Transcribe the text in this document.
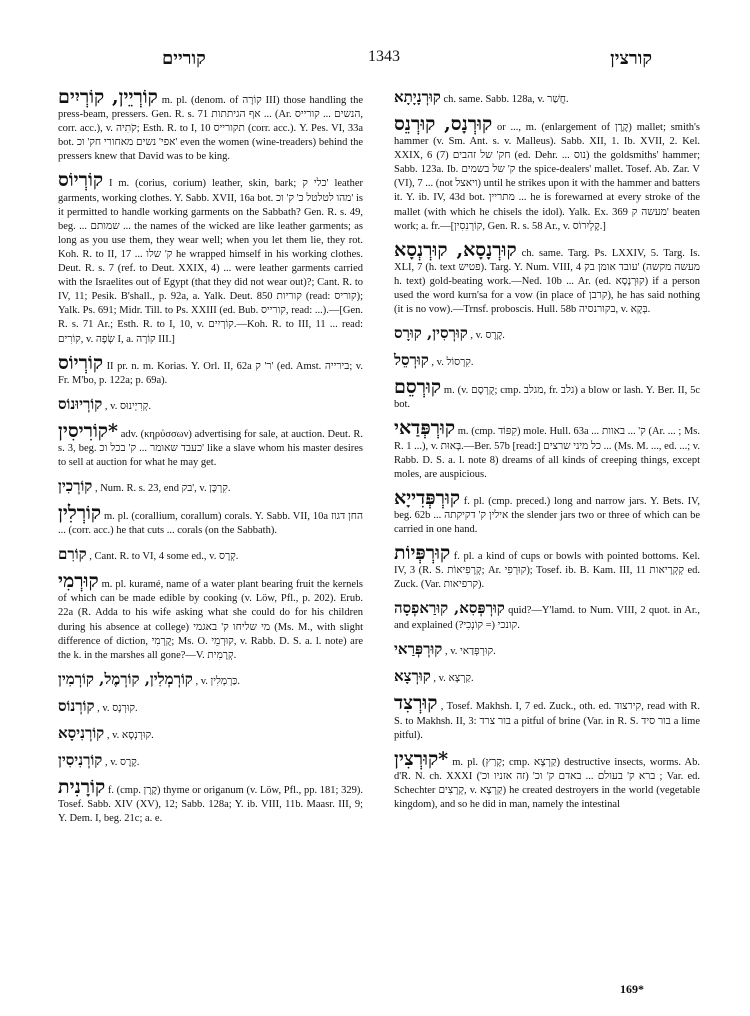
קוריים	1343	קורצין

קוֹרְיֵין, קוֹרְיִים m. pl. (denom. of קוֹרָה III) those handling the press-beam, pressers. Gen. R. s. 71 אף הגיתתות ... (Ar. הנשים ... קורייס, corr. acc.), v. קֹתִיה; Esth. R. to I, 10 תקורייס (corr. acc.). Y. Pes. VI, 33a bot. אפי' נשים מאחורי חק' וכ' even the women (wine-treaders) behind the pressers knew that David was to be king.

קוֹרְיוֹס I m. (corius, corium) leather, skin, bark; כלי ק' leather garments, working clothes. Y. Sabb. XVII, 16a bot. מהו לטלטל כ' ק' וכ' is it permitted to handle working garments on the Sabbath? Gen. R. s. 49, beg. ... שמותם ... the names of the wicked are like leather garments; as long as you use them, they wear well; when you let them lie, they rot. Koh. R. to II, 17 ... ק' שלו he wrapped himself in his working clothes. Deut. R. s. 7 (ref. to Deut. XXIX, 4) ... were leather garments carried with the Israelites out of Egypt (that they did not wear out)?; Cant. R. to IV, 11; Pesik. B'shall., p. 92a, a. Yalk. Deut. 850 קוריות (read: קוריס); Yalk. Ps. 691; Midr. Till. to Ps. XXIII (ed. Bub. קורייס, read: ...).—[Gen. R. s. 71 Ar.; Esth. R. to I, 10, v. קוֹרְיִים.—Koh. R. to III, 11 ... read: קוֹרִים, v. שְׂפָה I, a. קוֹרָה III.]

קוֹרְיוֹס II pr. n. m. Korias. Y. Orl. II, 62a ר' ק' (ed. Amst. בירייה; v. Fr. M'bo, p. 122a; p. 69a).

קוֹרְיוּנוֹס , v. קְרִיְינוּס.

*קוֹרִיסִין adv. (κηρύσσων) advertising for sale, at auction. Deut. R. s. 3, beg. כעבד שאומר ... ק' בכל וכ' like a slave whom his master desires to sell at auction for what he may get.

קוֹרְכִין , Num. R. s. 23, end בק', v. קִרְכָּן.

קוֹרְלִין m. pl. (corallium, corallum) corals. Y. Sabb. VII, 10a החן דגוז ... (corr. acc.) he that cuts ... corals (on the Sabbath).

קוֹרִם , Cant. R. to VI, 4 some ed., v. קְרָס.

קוּרְמִי m. pl. kuramé, name of a water plant bearing fruit the kernels of which can be made edible by cooking (v. Löw, Pfl., p. 202). Erub. 22a (R. Adda to his wife asking what she could do for his children during his absence at college) מי שליחו ק' באגמי (Ms. M., with slight difference of diction, קֻרְמִי; Ms. O. קוּרְמֵי, v. Rabb. D. S. a. l. note) are the k. in the marshes all gone?—V. קְרָמִית.

קוֹרְמְלִין, קוֹרְמֶל, קוֹרְמִין , v. כַּרְמְלִין.

קוֹרְנוֹס , v. קוּרְנָס.

קוֹרְנִיסָא , v. קוּרְנְסָא.

קוֹרְנִיסִין , v. קֶרֶס.

קוֹרָנִית f. (cmp. קֶרֶן) thyme or origanum (v. Löw, Pfl., pp. 181; 329). Tosef. Sabb. XIV (XV), 12; Sabb. 128a; Y. ib. VIII, 11b. Maasr. III, 9; Y. Dem. I, beg. 21c; a. e.

קוּרְנָיָתָא ch. same. Sabb. 128a, v. חֲשַׁר.

קוּרְנָס, קוּרְנֵס or ..., m. (enlargement of קֶרֶן) mallet; smith's hammer (v. Sm. Ant. s. v. Malleus). Sabb. XII, 1. Ib. XVII, 2. Kel. XXIX, 6 (7) חק' של זהבים (ed. Dehr. ... נוס) the goldsmiths' hammer; Sabb. 123a. Ib. ק' של בשמים the spice-dealers' mallet. Tosef. Ab. Zar. V (VI), 7 ... (not ויאצל) until he strikes upon it with the hammer and batters it. Y. ib. IV, 43d bot. מתריין ... he is forewarned at every stroke of the mallet (with which he chisels the idol). Yalk. Ex. 369 מעשה ק' beaten work; a. fr.—[קוֹרְנִסִין, Gen. R. s. 58 Ar., v. קֶלְיִרוֹס.]

קוּרְנָסָא, קוּרְנְסָא ch. same. Targ. Ps. LXXIV, 5. Targ. Is. XLI, 7 (h. text פטיש). Targ. Y. Num. VIII, 4 עובד אומן בק' (מעשה מקשה h. text) gold-beating work.—Ned. 10b ... Ar. (ed. קוּרְנָסָא) if a person used the word kurn'sa for a vow (in place of קרבן), he has said nothing (it is no vow).—Trnsf. proboscis. Hull. 58b בקורנסיה, v. בְּקָא.

קוּרְסִין, קוּרָס , v. קֶרֶס.

קוּרְסֵל , v. קִרְסוֹל.

קוּרְסֵם m. (v. קֻרְסָם; cmp. מגלב, fr. גלב) a blow or lash. Y. Ber. II, 5c bot.

קוּרְפְּדַאי m. (cmp. קִפּוֹד) mole. Hull. 63a ... ק' ... באוות (Ar. ... ; Ms. R. 1 ...), v. בָּאוּת.—Ber. 57b [read:] כל מיני שרצים ... (Ms. M. ..., ed. ...; v. Rabb. D. S. a. l. note 8) dreams of all kinds of creeping things, except moles, are auspicious.

קוּרְפְּדִייָא f. pl. (cmp. preced.) long and narrow jars. Y. Bets. IV, beg. 62b ... אילין ק' דקיקתה the slender jars two or three of which can be carried in one hand.

קוּרְפְּיוֹת f. pl. a kind of cups or bowls with pointed bottoms. Kel. IV, 3 (R. S. קְרָפִיאוֹת; Ar. קוּרְפִי); Tosef. ib. B. Kam. III, 11 קְקְרָיאות ed. Zuck. (Var. קרפיאות).

קוּרְפְּסִא, קוּרַאפְסָה quid?—Y'lamd. to Num. VIII, 2 quot. in Ar., and explained קונכי (= קוֹנְכִי?).

קוּרְפְּרַאי , v. קוּרְפְּדַאי.

קוּרְצָא , v. קַרְצָא.

קוּרְצִד , Tosef. Makhsh. I, 7 ed. Zuck., oth. ed. קירצוד, read with R. S. to Makhsh. II, 3: בור צרד a pitful of brine (Var. in R. S. בור סיד a lime pitful).

*קוּרְצִין m. pl. (קָרַץ; cmp. קַרְצָא) destructive insects, worms. Ab. d'R. N. ch. XXXI ברא ק' בעולם ... באדם ק' וכ' (זה אזניו וכ') ; Var. ed. Schechter קְרָצִים, v. קַרְצָא) he created destroyers in the world (vegetable kingdom), and so he did in man, namely the intestinal

169*
